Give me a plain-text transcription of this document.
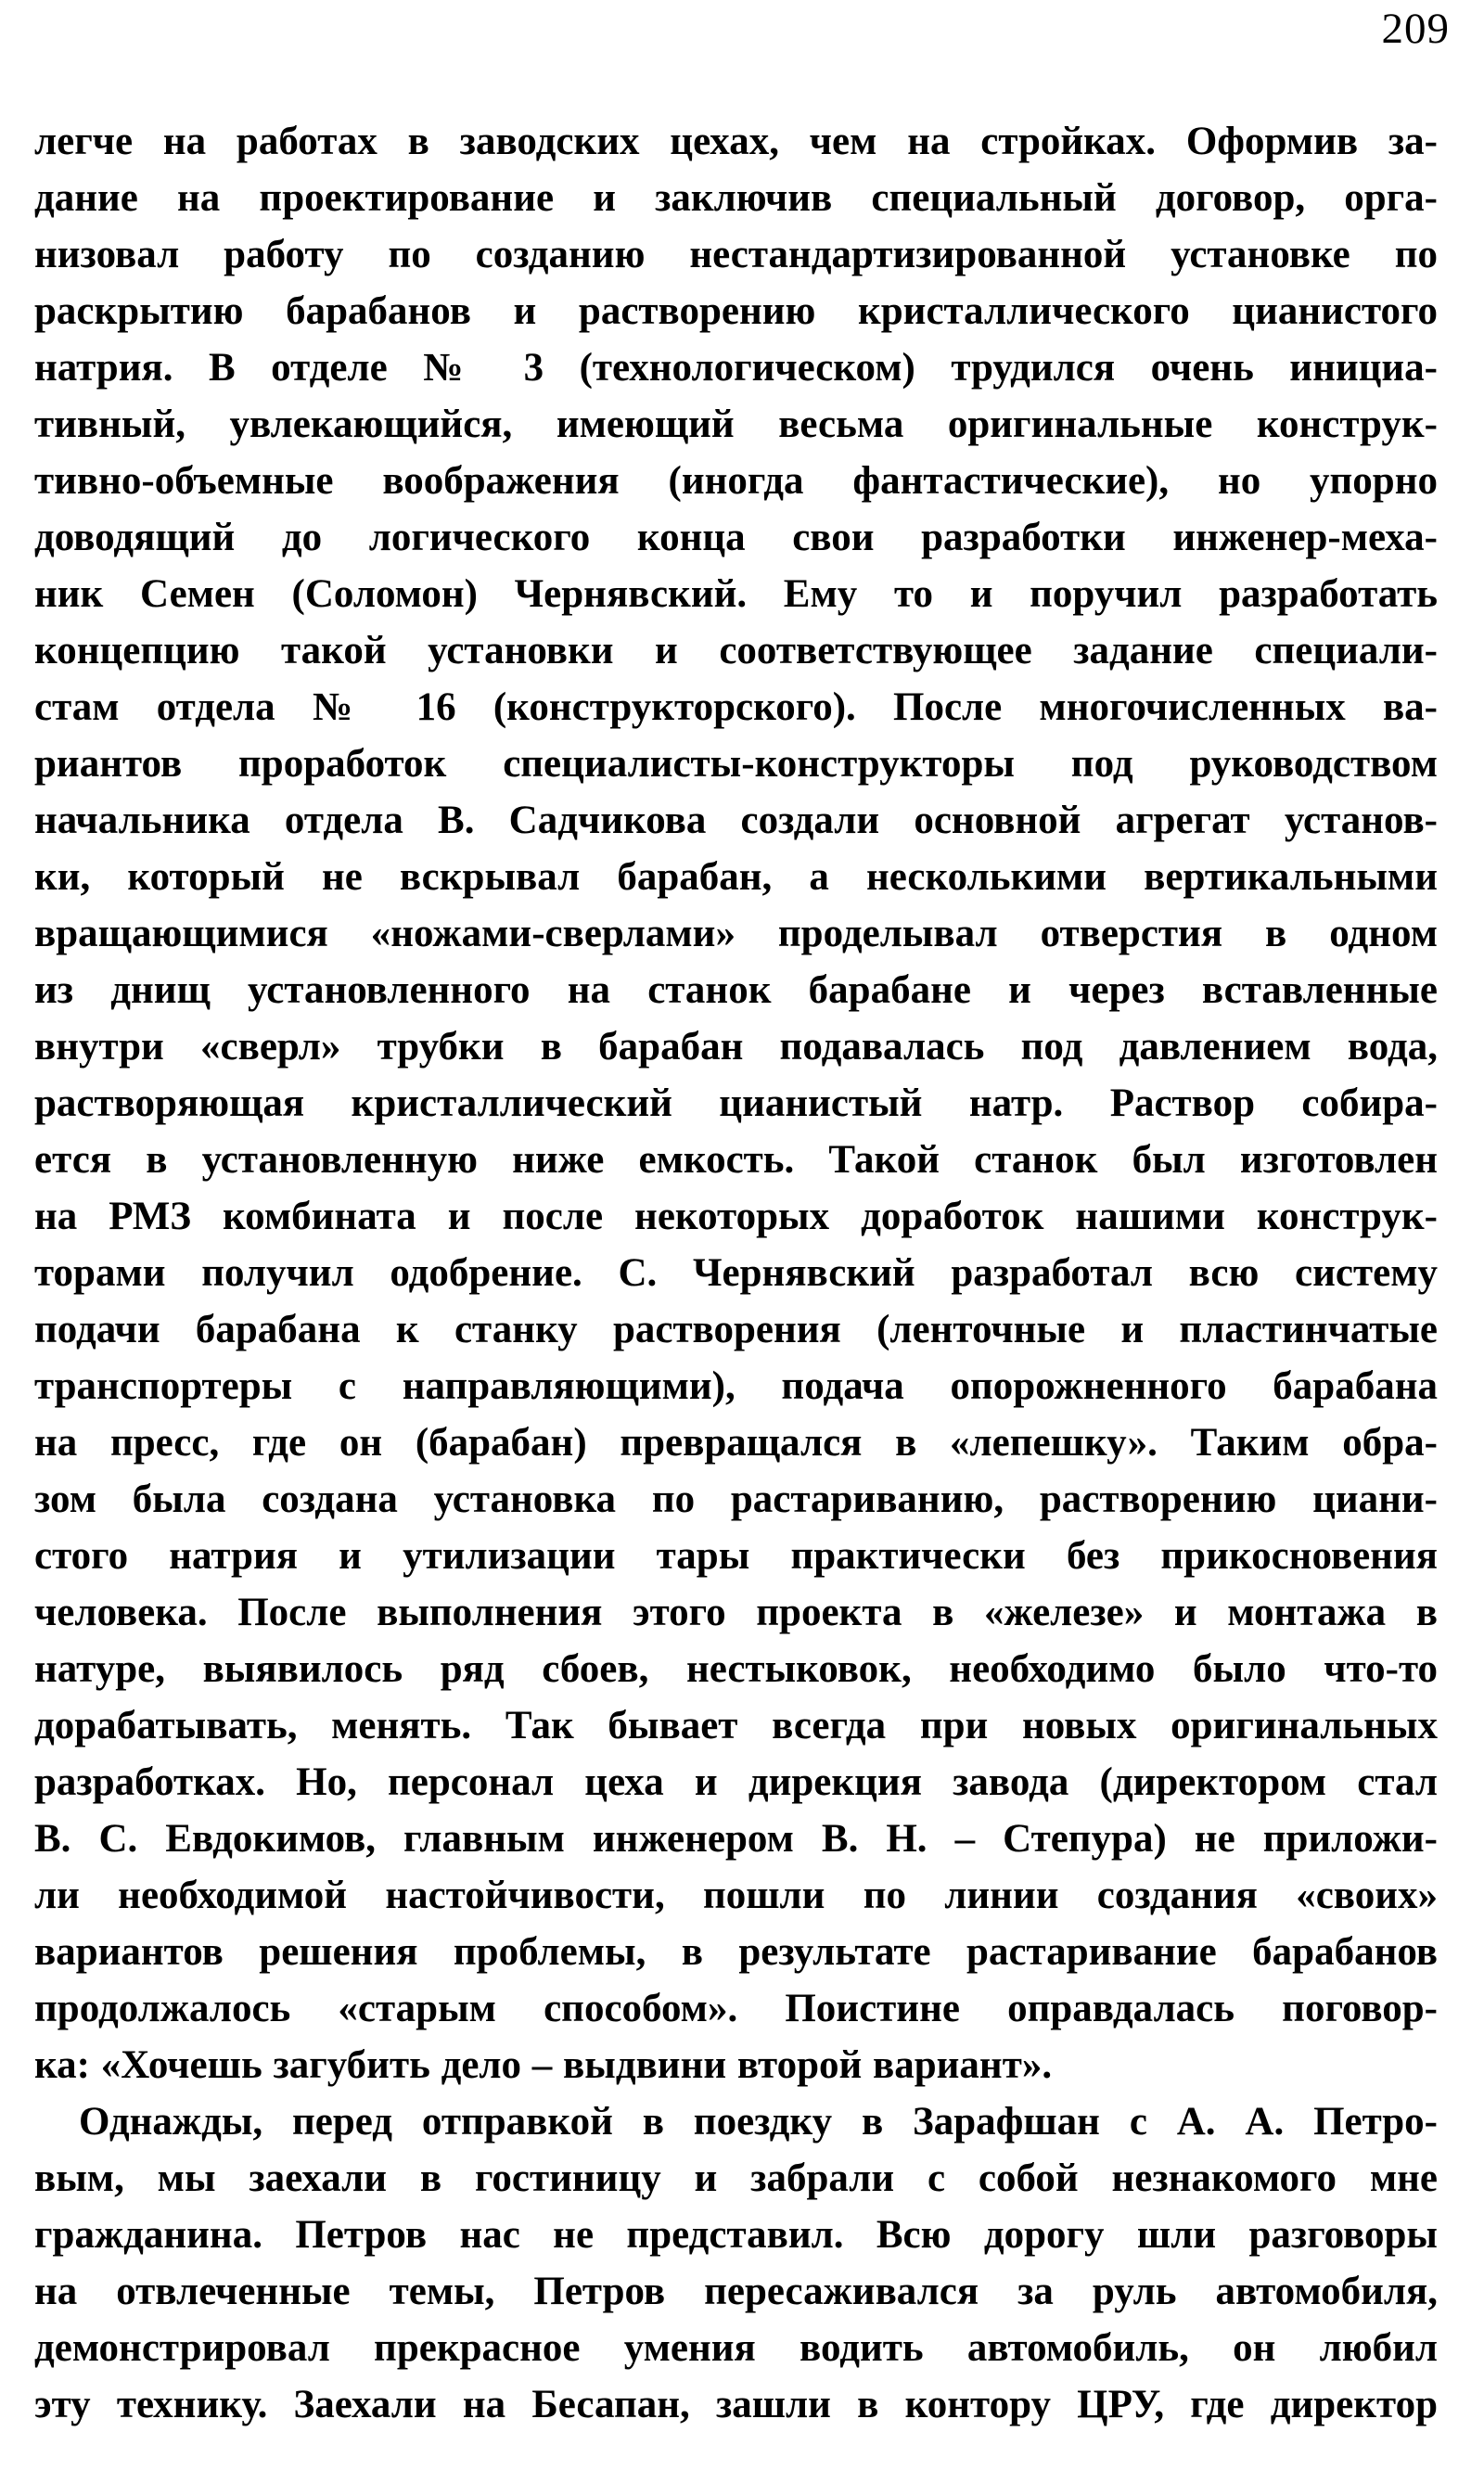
209
легче на работах в заводских цехах, чем на стройках. Оформив за-
дание на проектирование и заключив специальный договор, орга-
низовал работу по созданию нестандартизированной установке по
раскрытию барабанов и растворению кристаллического цианистого
натрия. В отделе № 3 (технологическом) трудился очень инициа-
тивный, увлекающийся, имеющий весьма оригинальные конструк-
тивно-объемные воображения (иногда фантастические), но упорно
доводящий до логического конца свои разработки инженер-меха-
ник Семен (Соломон) Чернявский. Ему то и поручил разработать
концепцию такой установки и соответствующее задание специали-
стам отдела № 16 (конструкторского). После многочисленных ва-
риантов проработок специалисты-конструкторы под руководством
начальника отдела В. Садчикова создали основной агрегат установ-
ки, который не вскрывал барабан, а несколькими вертикальными
вращающимися «ножами-сверлами» проделывал отверстия в одном
из днищ установленного на станок барабане и через вставленные
внутри «сверл» трубки в барабан подавалась под давлением вода,
растворяющая кристаллический цианистый натр. Раствор собира-
ется в установленную ниже емкость. Такой станок был изготовлен
на РМЗ комбината и после некоторых доработок нашими конструк-
торами получил одобрение. С. Чернявский разработал всю систему
подачи барабана к станку растворения (ленточные и пластинчатые
транспортеры с направляющими), подача опорожненного барабана
на пресс, где он (барабан) превращался в «лепешку». Таким обра-
зом была создана установка по растариванию, растворению циани-
стого натрия и утилизации тары практически без прикосновения
человека. После выполнения этого проекта в «железе» и монтажа в
натуре, выявилось ряд сбоев, нестыковок, необходимо было что-то
дорабатывать, менять. Так бывает всегда при новых оригинальных
разработках. Но, персонал цеха и дирекция завода (директором стал
В. С. Евдокимов, главным инженером В. Н. – Степура) не приложи-
ли необходимой настойчивости, пошли по линии создания «своих»
вариантов решения проблемы, в результате растаривание барабанов
продолжалось «старым способом». Поистине оправдалась поговор-
ка: «Хочешь загубить дело – выдвини второй вариант».
Однажды, перед отправкой в поездку в Зарафшан с А. А. Петро-
вым, мы заехали в гостиницу и забрали с собой незнакомого мне
гражданина. Петров нас не представил. Всю дорогу шли разговоры
на отвлеченные темы, Петров пересаживался за руль автомобиля,
демонстрировал прекрасное умения водить автомобиль, он любил
эту технику. Заехали на Бесапан, зашли в контору ЦРУ, где директор
